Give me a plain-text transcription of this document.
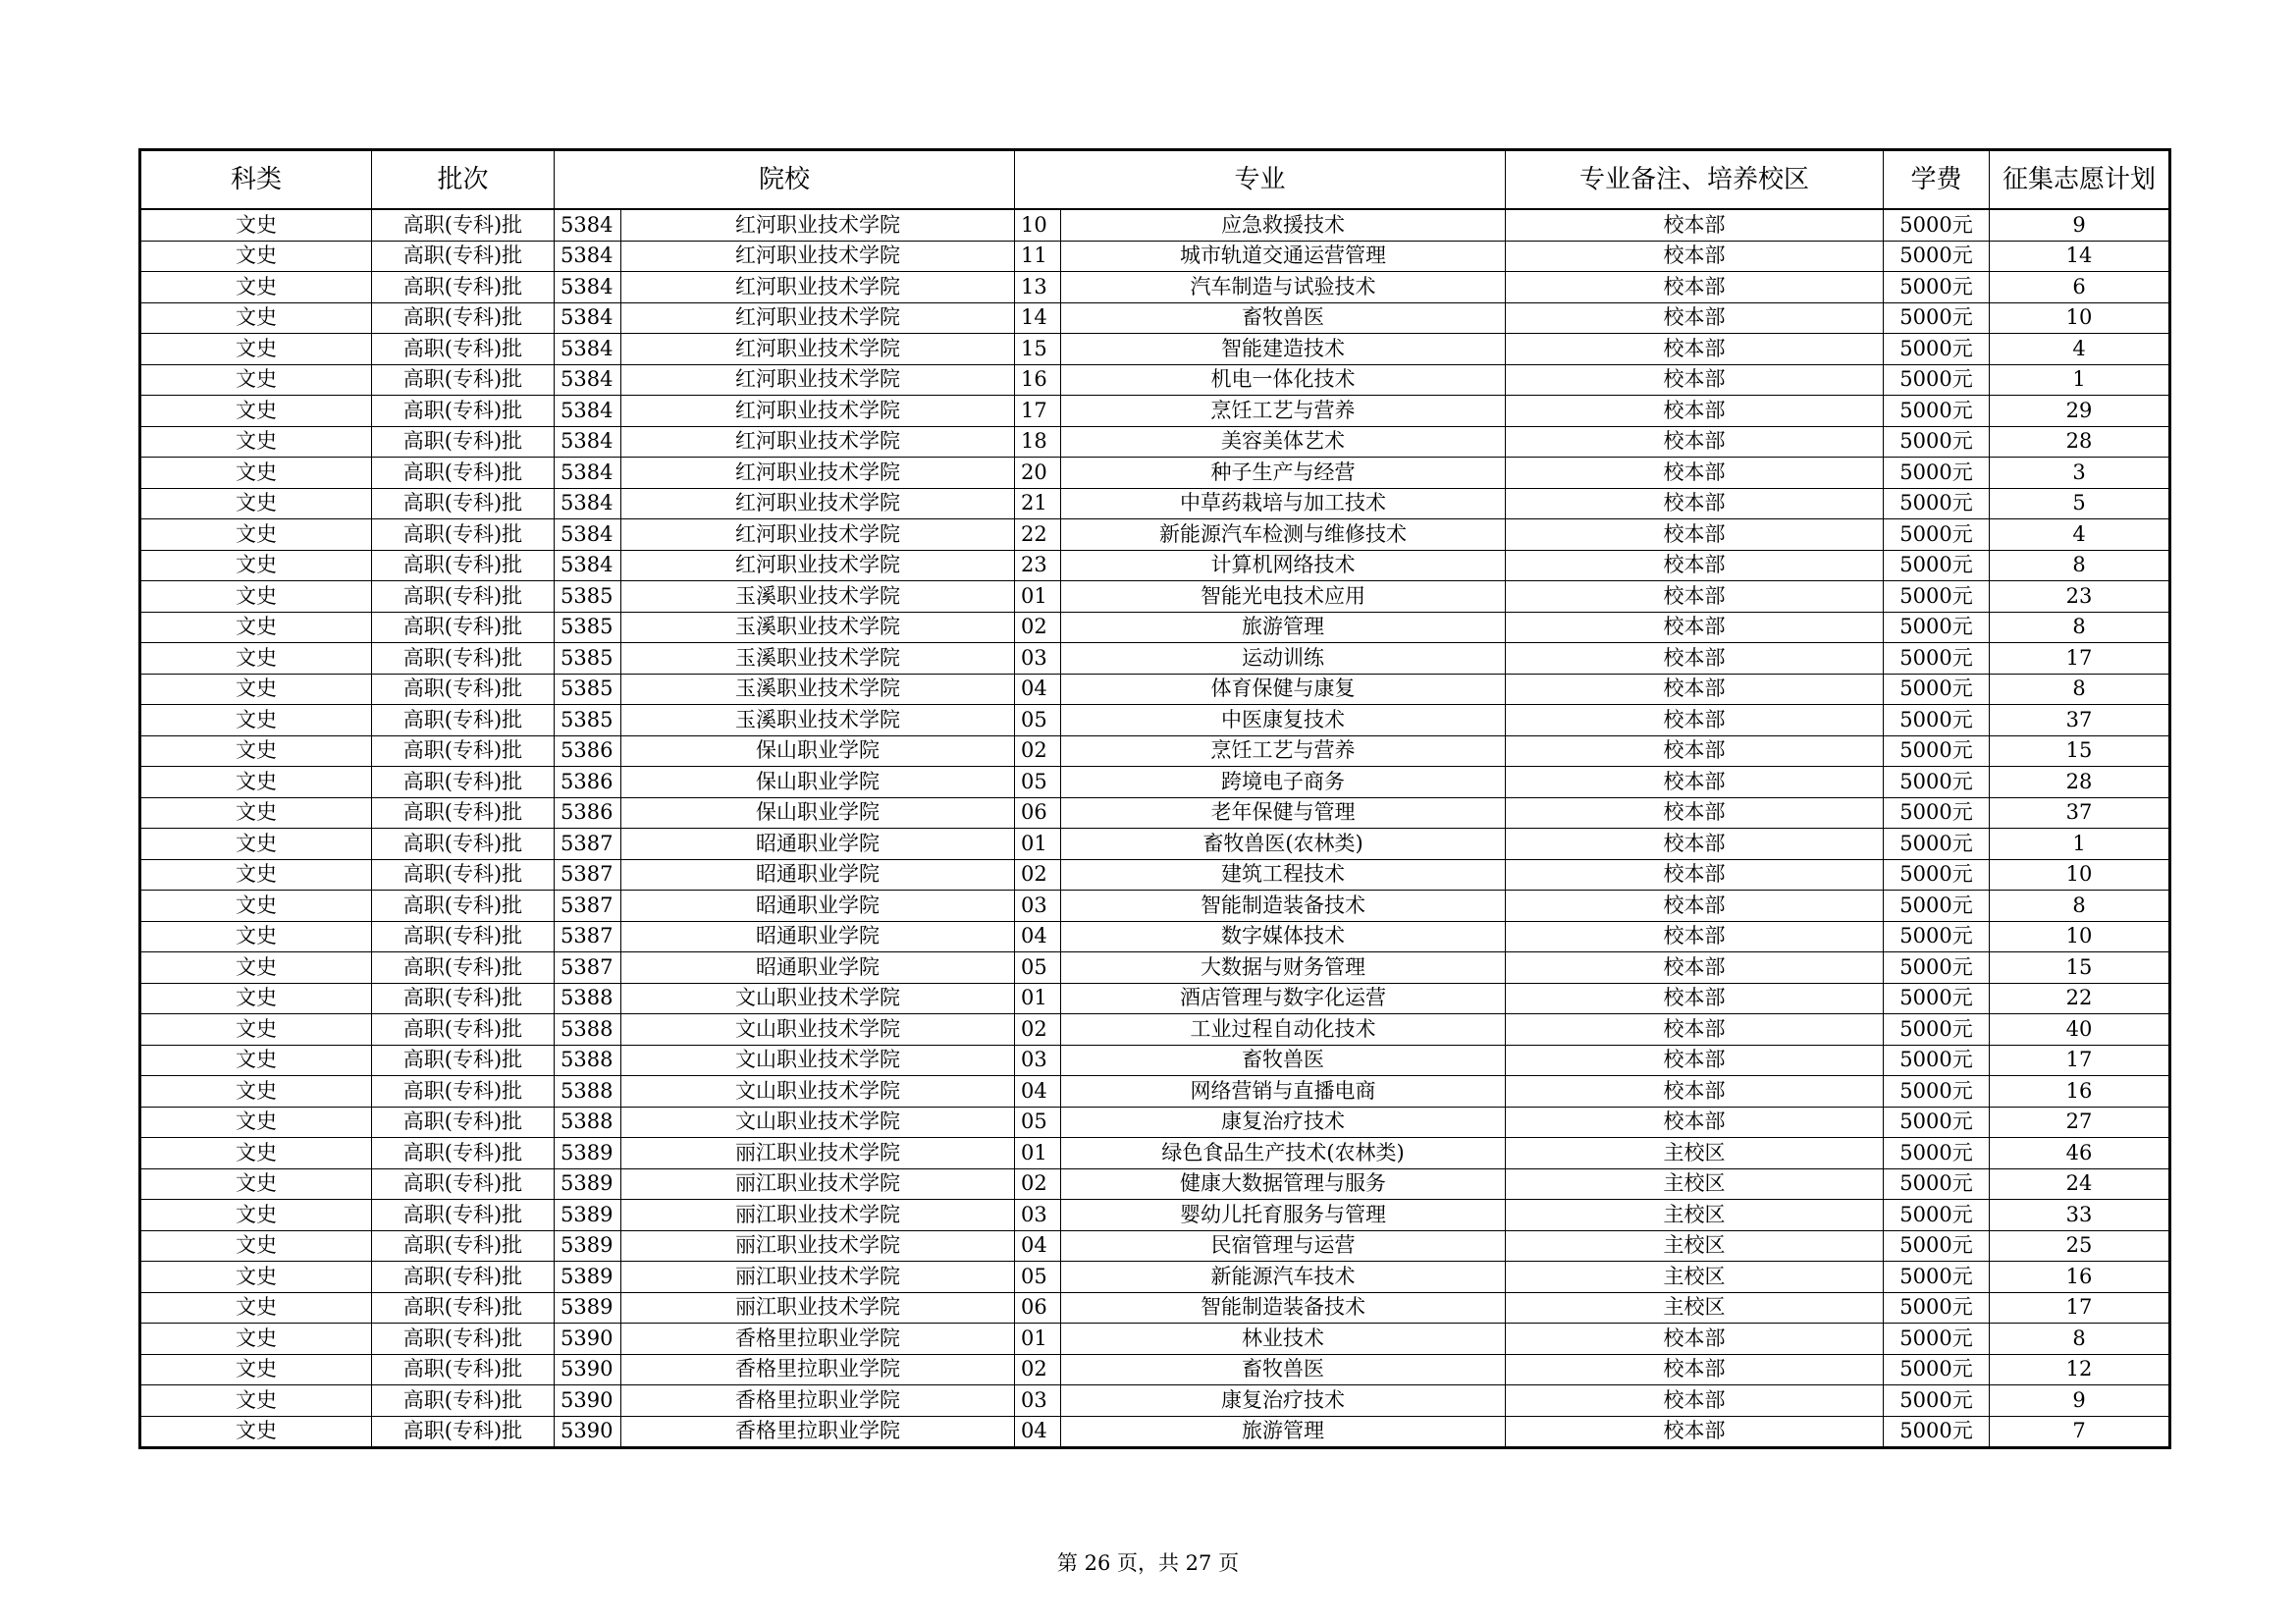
科类	批次	院校		专业		专业备注、培养校区	学费	征集志愿计划
文史	高职(专科)批	5384	红河职业技术学院	10	应急救援技术	校本部	5000元	9
文史	高职(专科)批	5384	红河职业技术学院	11	城市轨道交通运营管理	校本部	5000元	14
文史	高职(专科)批	5384	红河职业技术学院	13	汽车制造与试验技术	校本部	5000元	6
文史	高职(专科)批	5384	红河职业技术学院	14	畜牧兽医	校本部	5000元	10
文史	高职(专科)批	5384	红河职业技术学院	15	智能建造技术	校本部	5000元	4
文史	高职(专科)批	5384	红河职业技术学院	16	机电一体化技术	校本部	5000元	1
文史	高职(专科)批	5384	红河职业技术学院	17	烹饪工艺与营养	校本部	5000元	29
文史	高职(专科)批	5384	红河职业技术学院	18	美容美体艺术	校本部	5000元	28
文史	高职(专科)批	5384	红河职业技术学院	20	种子生产与经营	校本部	5000元	3
文史	高职(专科)批	5384	红河职业技术学院	21	中草药栽培与加工技术	校本部	5000元	5
文史	高职(专科)批	5384	红河职业技术学院	22	新能源汽车检测与维修技术	校本部	5000元	4
文史	高职(专科)批	5384	红河职业技术学院	23	计算机网络技术	校本部	5000元	8
文史	高职(专科)批	5385	玉溪职业技术学院	01	智能光电技术应用	校本部	5000元	23
文史	高职(专科)批	5385	玉溪职业技术学院	02	旅游管理	校本部	5000元	8
文史	高职(专科)批	5385	玉溪职业技术学院	03	运动训练	校本部	5000元	17
文史	高职(专科)批	5385	玉溪职业技术学院	04	体育保健与康复	校本部	5000元	8
文史	高职(专科)批	5385	玉溪职业技术学院	05	中医康复技术	校本部	5000元	37
文史	高职(专科)批	5386	保山职业学院	02	烹饪工艺与营养	校本部	5000元	15
文史	高职(专科)批	5386	保山职业学院	05	跨境电子商务	校本部	5000元	28
文史	高职(专科)批	5386	保山职业学院	06	老年保健与管理	校本部	5000元	37
文史	高职(专科)批	5387	昭通职业学院	01	畜牧兽医(农林类)	校本部	5000元	1
文史	高职(专科)批	5387	昭通职业学院	02	建筑工程技术	校本部	5000元	10
文史	高职(专科)批	5387	昭通职业学院	03	智能制造装备技术	校本部	5000元	8
文史	高职(专科)批	5387	昭通职业学院	04	数字媒体技术	校本部	5000元	10
文史	高职(专科)批	5387	昭通职业学院	05	大数据与财务管理	校本部	5000元	15
文史	高职(专科)批	5388	文山职业技术学院	01	酒店管理与数字化运营	校本部	5000元	22
文史	高职(专科)批	5388	文山职业技术学院	02	工业过程自动化技术	校本部	5000元	40
文史	高职(专科)批	5388	文山职业技术学院	03	畜牧兽医	校本部	5000元	17
文史	高职(专科)批	5388	文山职业技术学院	04	网络营销与直播电商	校本部	5000元	16
文史	高职(专科)批	5388	文山职业技术学院	05	康复治疗技术	校本部	5000元	27
文史	高职(专科)批	5389	丽江职业技术学院	01	绿色食品生产技术(农林类)	主校区	5000元	46
文史	高职(专科)批	5389	丽江职业技术学院	02	健康大数据管理与服务	主校区	5000元	24
文史	高职(专科)批	5389	丽江职业技术学院	03	婴幼儿托育服务与管理	主校区	5000元	33
文史	高职(专科)批	5389	丽江职业技术学院	04	民宿管理与运营	主校区	5000元	25
文史	高职(专科)批	5389	丽江职业技术学院	05	新能源汽车技术	主校区	5000元	16
文史	高职(专科)批	5389	丽江职业技术学院	06	智能制造装备技术	主校区	5000元	17
文史	高职(专科)批	5390	香格里拉职业学院	01	林业技术	校本部	5000元	8
文史	高职(专科)批	5390	香格里拉职业学院	02	畜牧兽医	校本部	5000元	12
文史	高职(专科)批	5390	香格里拉职业学院	03	康复治疗技术	校本部	5000元	9
文史	高职(专科)批	5390	香格里拉职业学院	04	旅游管理	校本部	5000元	7
第 26 页，共 27 页
